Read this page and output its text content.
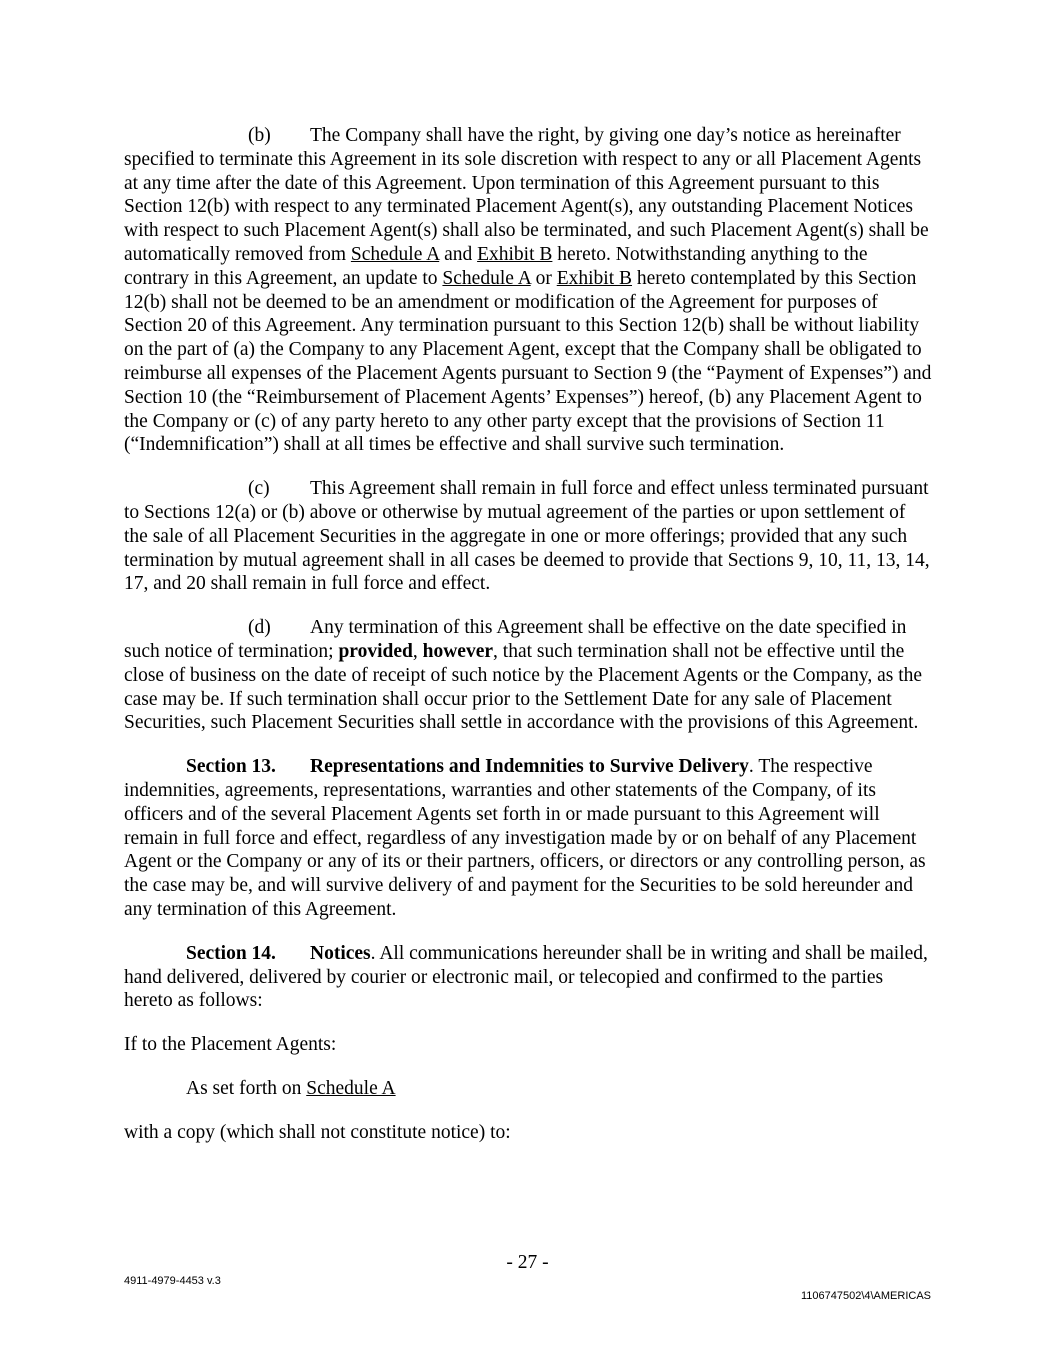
(b) The Company shall have the right, by giving one day’s notice as hereinafter specified to terminate this Agreement in its sole discretion with respect to any or all Placement Agents at any time after the date of this Agreement. Upon termination of this Agreement pursuant to this Section 12(b) with respect to any terminated Placement Agent(s), any outstanding Placement Notices with respect to such Placement Agent(s) shall also be terminated, and such Placement Agent(s) shall be automatically removed from Schedule A and Exhibit B hereto. Notwithstanding anything to the contrary in this Agreement, an update to Schedule A or Exhibit B hereto contemplated by this Section 12(b) shall not be deemed to be an amendment or modification of the Agreement for purposes of Section 20 of this Agreement. Any termination pursuant to this Section 12(b) shall be without liability on the part of (a) the Company to any Placement Agent, except that the Company shall be obligated to reimburse all expenses of the Placement Agents pursuant to Section 9 (the “Payment of Expenses”) and Section 10 (the “Reimbursement of Placement Agents’ Expenses”) hereof, (b) any Placement Agent to the Company or (c) of any party hereto to any other party except that the provisions of Section 11 (“Indemnification”) shall at all times be effective and shall survive such termination.

(c) This Agreement shall remain in full force and effect unless terminated pursuant to Sections 12(a) or (b) above or otherwise by mutual agreement of the parties or upon settlement of the sale of all Placement Securities in the aggregate in one or more offerings; provided that any such termination by mutual agreement shall in all cases be deemed to provide that Sections 9, 10, 11, 13, 14, 17, and 20 shall remain in full force and effect.

(d) Any termination of this Agreement shall be effective on the date specified in such notice of termination; provided, however, that such termination shall not be effective until the close of business on the date of receipt of such notice by the Placement Agents or the Company, as the case may be. If such termination shall occur prior to the Settlement Date for any sale of Placement Securities, such Placement Securities shall settle in accordance with the provisions of this Agreement.

Section 13. Representations and Indemnities to Survive Delivery. The respective indemnities, agreements, representations, warranties and other statements of the Company, of its officers and of the several Placement Agents set forth in or made pursuant to this Agreement will remain in full force and effect, regardless of any investigation made by or on behalf of any Placement Agent or the Company or any of its or their partners, officers, or directors or any controlling person, as the case may be, and will survive delivery of and payment for the Securities to be sold hereunder and any termination of this Agreement.

Section 14. Notices. All communications hereunder shall be in writing and shall be mailed, hand delivered, delivered by courier or electronic mail, or telecopied and confirmed to the parties hereto as follows:

If to the Placement Agents:

As set forth on Schedule A

with a copy (which shall not constitute notice) to:

- 27 -
4911-4979-4453 v.3
1106747502\4\AMERICAS
